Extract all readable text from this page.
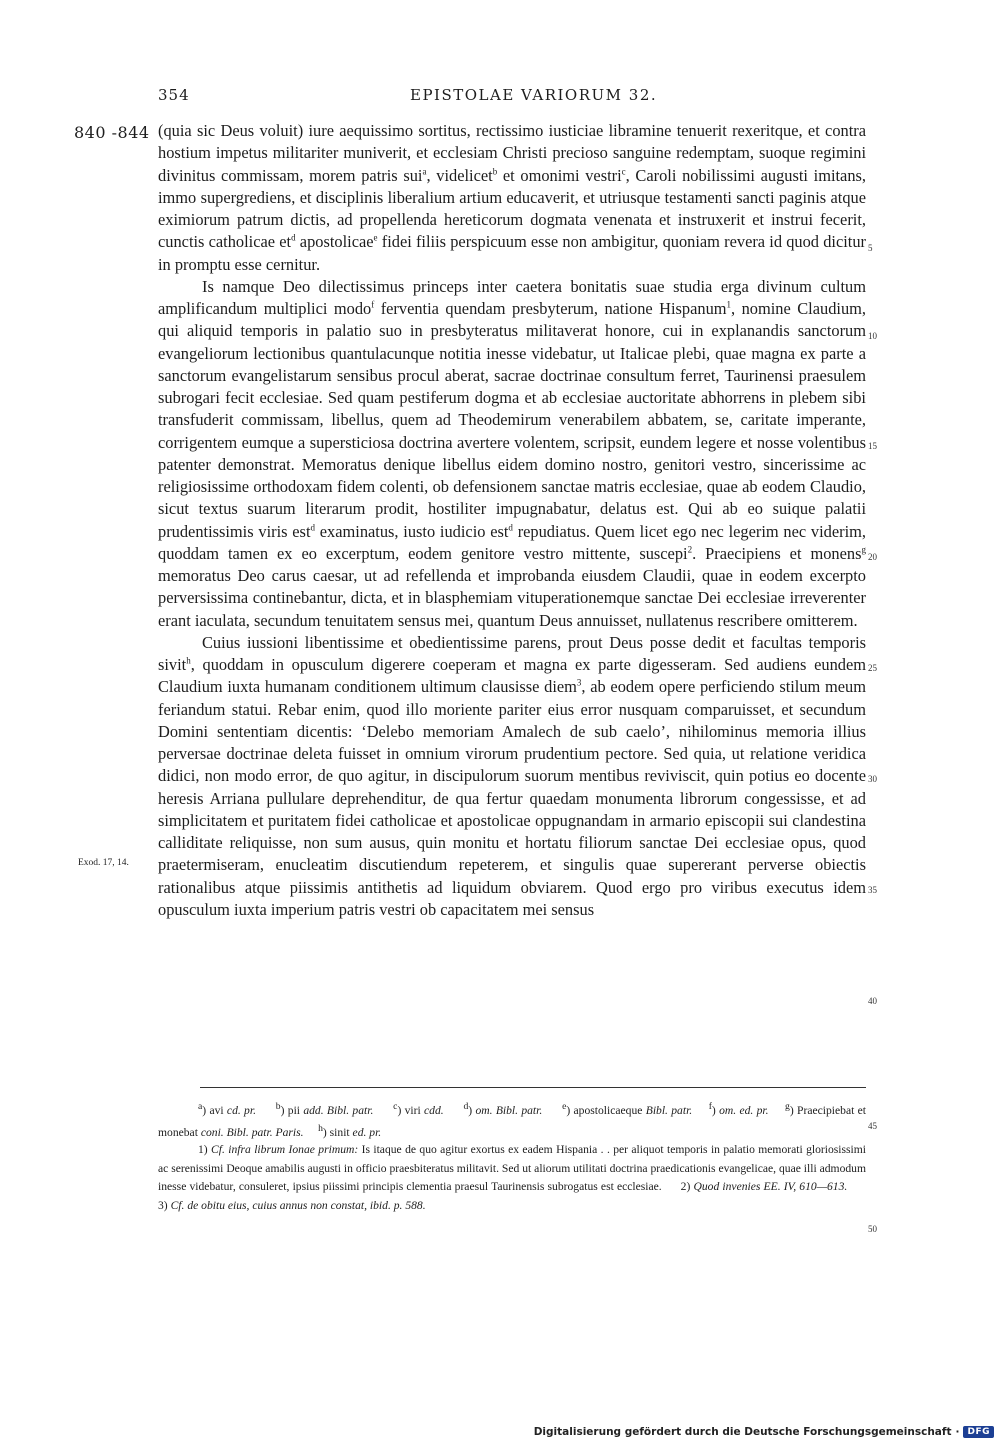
354	EPISTOLAE VARIORUM 32.
840 -844
Exod. 17, 14.

(quia sic Deus voluit) iure aequissimo sortitus, rectissimo iusticiae libramine tenuerit rexeritque, et contra hostium impetus militariter muniverit, et ecclesiam Christi precioso sanguine redemptam, suoque regimini divinitus commissam, morem patris sui$^a$, videlicet$^b$ et omonimi vestri$^c$, Caroli nobilissimi augusti imitans, immo supergrediens, et disciplinis liberalium artium educaverit, et utriusque testamenti sancti paginis atque eximiorum patrum dictis, ad propellenda hereticorum dogmata venenata et instruxerit et instrui fecerit, cunctis catholicae $et^d$ apostolicae$^e$ fidei filiis perspicuum esse non ambigitur, quoniam revera id quod dicitur in promptu esse cernitur.

Is namque Deo dilectissimus princeps inter caetera bonitatis suae studia erga divinum cultum amplificandum multiplici modo$^f$ ferventia quendam presbyterum, natione Hispanum$^1$, nomine Claudium, qui aliquid temporis in palatio suo in presbyteratus militaverat honore, cui in explanandis sanctorum evangeliorum lectionibus quantulacunque notitia inesse videbatur, ut Italicae plebi, quae magna ex parte a sanctorum evangelistarum sensibus procul aberat, sacrae doctrinae consultum ferret, Taurinensi praesulem subrogari fecit ecclesiae. Sed quam pestiferum dogma et ab ecclesiae auctoritate abhorrens in plebem sibi transfuderit commissam, libellus, quem ad Theodemirum venerabilem abbatem, se, caritate imperante, corrigentem eumque a supersticiosa doctrina avertere volentem, scripsit, eundem legere et nosse volentibus patenter demonstrat. Memoratus denique libellus eidem domino nostro, genitori vestro, sincerissime ac religiosissime orthodoxam fidem colenti, ob defensionem sanctae matris ecclesiae, quae ab eodem Claudio, sicut textus suarum literarum prodit, hostiliter impugnabatur, delatus est. Qui ab eo suique palatii prudentissimis viris est$^d$ examinatus, iusto iudicio est$^d$ repudiatus. Quem licet ego nec legerim nec viderim, quoddam tamen ex eo excerptum, eodem genitore vestro mittente, suscepi$^2$. Praecipiens et monens$^g$ memoratus Deo carus caesar, ut ad refellenda et improbanda eiusdem Claudii, quae in eodem excerpto perversissima continebantur, dicta, et in blasphemiam vituperationemque sanctae Dei ecclesiae irreverenter erant iaculata, secundum tenuitatem sensus mei, quantum Deus annuisset, nullatenus rescribere omitterem.

Cuius iussioni libentissime et obedientissime parens, prout Deus posse dedit et facultas temporis sivit$^h$, quoddam in opusculum digerere coeperam et magna ex parte digesseram. Sed audiens eundem Claudium iuxta humanam conditionem ultimum clausisse diem$^3$, ab eodem opere perficiendo stilum meum feriandum statui. Rebar enim, quod illo moriente pariter eius error nusquam comparuisset, et secundum Domini sententiam dicentis: ‘Delebo memoriam Amalech de sub caelo’, nihilominus memoria illius perversae doctrinae deleta fuisset in omnium virorum prudentium pectore. Sed quia, ut relatione veridica didici, non modo error, de quo agitur, in discipulorum suorum mentibus reviviscit, quin potius eo docente heresis Arriana pullulare deprehenditur, de qua fertur quaedam monumenta librorum congessisse, et ad simplicitatem et puritatem fidei catholicae et apostolicae oppugnandam in armario episcopii sui clandestina calliditate reliquisse, non sum ausus, quin monitu et hortatu filiorum sanctae Dei ecclesiae opus, quod praetermiseram, enucleatim discutiendum repeterem, et singulis quae supererant perverse obiectis rationalibus atque piissimis antithetis ad liquidum obviarem. Quod ergo pro viribus executus idem opusculum iuxta imperium patris vestri ob capacitatem mei sensus

5
10
15
20
25
30
35
40
45
50

$^a$) avi cd. pr. $^b$) pii add. Bibl. patr. $^c$) viri cdd. $^d$) om. Bibl. patr. $^e$) apostolicaeque Bibl. patr. $^f$) om. ed. pr. $^g$) Praecipiebat et monebat coni. Bibl. patr. Paris. $^h$) sinit ed. pr.

1) Cf. infra librum Ionae primum: Is itaque de quo agitur exortus ex eadem Hispania . . per aliquot temporis in palatio memorati gloriosissimi ac serenissimi Deoque amabilis augusti in officio praesbiteratus militavit. Sed ut aliorum utilitati doctrina praedicationis evangelicae, quae illi admodum inesse videbatur, consuleret, ipsius piissimi principis clementia praesul Taurinensis subrogatus est ecclesiae.      2) Quod invenies EE. IV, 610—613.       3) Cf. de obitu eius, cuius annus non constat, ibid. p. 588.

Digitalisierung gefördert durch die Deutsche Forschungsgemeinschaft · DFG
